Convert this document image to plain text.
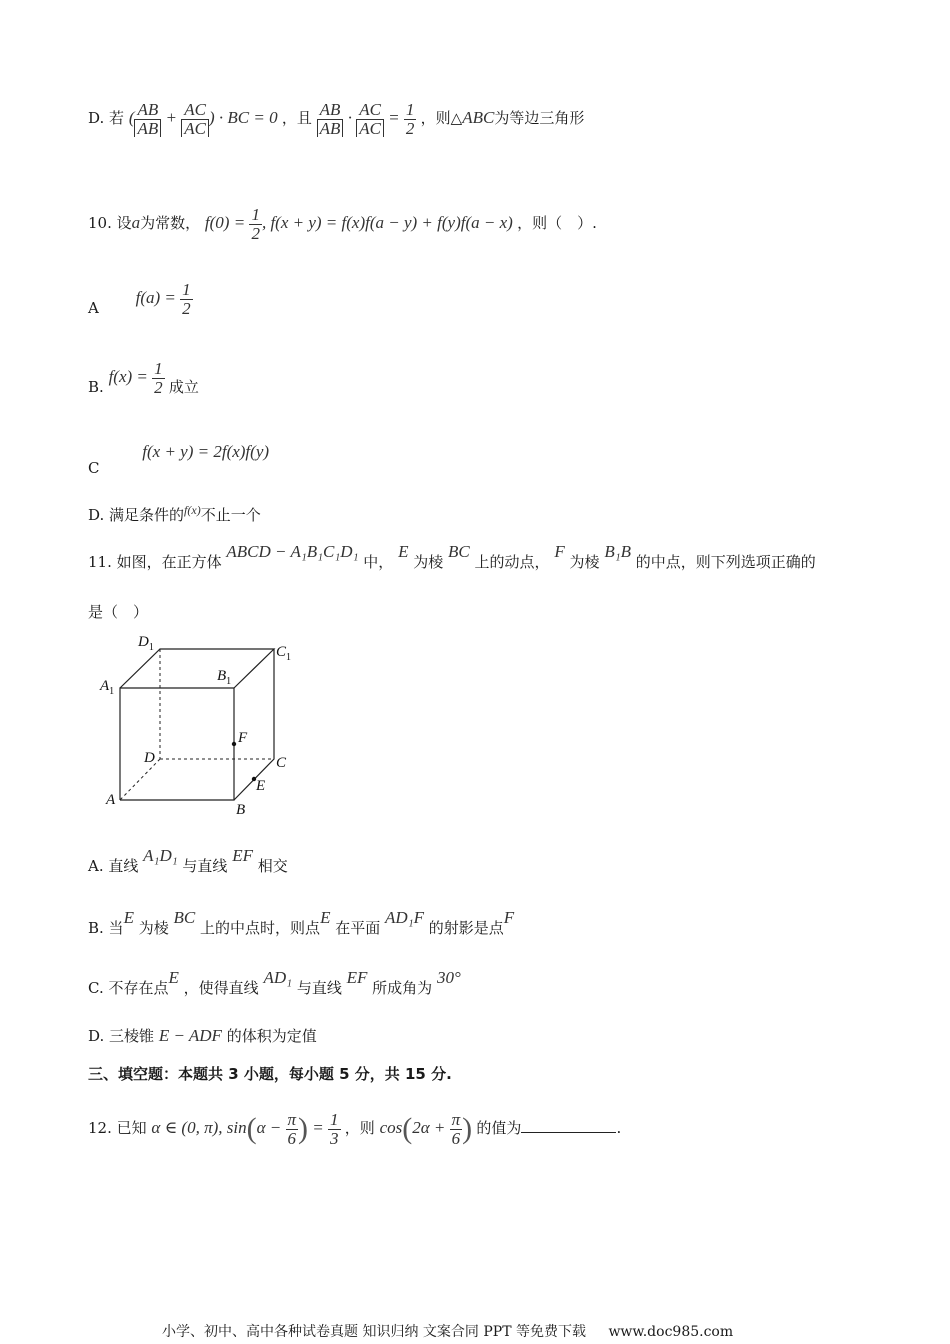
D. 若 ( $\frac{AB}{AB} + \frac{AC}{AC}$ ) · BC = 0 ，且 $\frac{AB}{AB} \cdot \frac{AC}{AC} = \frac{1}{2}$ ，则△ABC为等边三角形
10. 设a为常数， $f(0) = \frac{1}{2}$ , f(x + y) = f(x)f(a − y) + f(y)f(a − x) ，则（　）.
A $f(a) = \frac{1}{2}$
B. $f(x) = \frac{1}{2}$ 成立
C f(x + y) = 2f(x)f(y)
D. 满足条件的$^{f(x)}$不止一个
11. 如图，在正方体 ABCD − A₁B₁C₁D₁ 中， E 为棱 BC 上的动点， F 为棱 B₁B 的中点，则下列选项正确的
是（　）
$D_1$	$C_1$
$A_1$
$B_1$
F
D	C
E
A
B
A. 直线 A₁D₁ 与直线 EF 相交
B. 当E 为棱 BC 上的中点时，则点E 在平面 AD₁F 的射影是点F
C. 不存在点E ，使得直线 AD₁ 与直线 EF 所成角为 30°
D. 三棱锥 E − ADF 的体积为定值
三、填空题：本题共 3 小题，每小题 5 分，共 15 分.
12. 已知 α ∈ (0, π), $\sin(\alpha - \frac{\pi}{6}$ ) = $\frac{1}{3}$ ，则 $\cos(2\alpha + \frac{\pi}{6}$ ) 的值为	.
小学、初中、高中各种试卷真题 知识归纳 文案合同 PPT 等免费下载 www.doc985.com
